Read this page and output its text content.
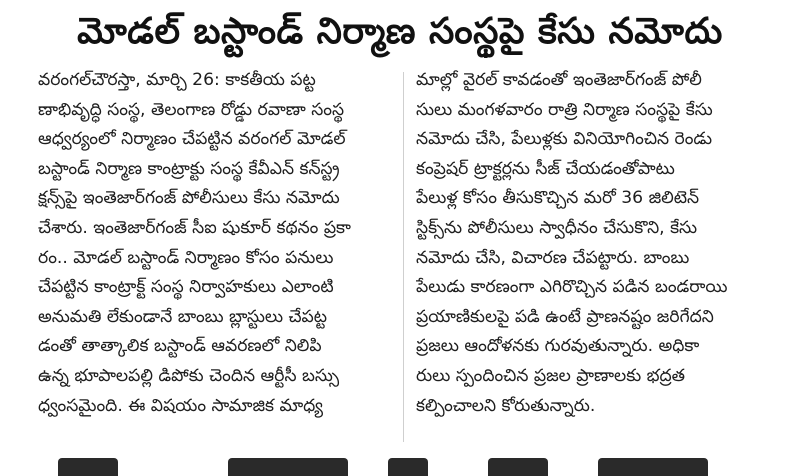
మోడల్ బస్టాండ్ నిర్మాణ సంస్థపై కేసు నమోదు
వరంగల్‌చౌరస్తా, మార్చి 26: కాకతీయ పట్ట
ణాభివృద్ధి సంస్థ, తెలంగాణ రోడ్డు రవాణా సంస్థ
ఆధ్వర్యంలో నిర్మాణం చేపట్టిన వరంగల్ మోడల్
బస్టాండ్ నిర్మాణ కాంట్రాక్టు సంస్థ కేవీఎన్ కన్‌స్ట్ర
క్షన్స్‌పై ఇంతెజార్‌గంజ్ పోలీసులు కేసు నమోదు
చేశారు. ఇంతెజార్‌గంజ్ సీఐ షుకూర్ కథనం ప్రకా
రం.. మోడల్ బస్టాండ్ నిర్మాణం కోసం పనులు
చేపట్టిన కాంట్రాక్ట్ సంస్థ నిర్వాహకులు ఎలాంటి
అనుమతి లేకుండానే బాంబు బ్లాస్టులు చేపట్ట
డంతో తాత్కాలిక బస్టాండ్ ఆవరణలో నిలిపి
ఉన్న భూపాలపల్లి డిపోకు చెందిన ఆర్టీసీ బస్సు
ధ్వంసమైంది. ఈ విషయం సామాజిక మాధ్య
మాల్లో వైరల్ కావడంతో ఇంతెజార్‌గంజ్ పోలీ
సులు మంగళవారం రాత్రి నిర్మాణ సంస్థపై కేసు
నమోదు చేసి, పేలుళ్లకు వినియోగించిన రెండు
కంప్రెషర్ ట్రాక్టర్లను సీజ్ చేయడంతోపాటు
పేలుళ్ల కోసం తీసుకొచ్చిన మరో 36 జిలిటెన్
స్టిక్స్‌ను పోలీసులు స్వాధీనం చేసుకొని, కేసు
నమోదు చేసి, విచారణ చేపట్టారు. బాంబు
పేలుడు కారణంగా ఎగిరొచ్చిన పడిన బండరాయి
ప్రయాణికులపై పడి ఉంటే ప్రాణనష్టం జరిగేదని
ప్రజలు ఆందోళనకు గురవుతున్నారు. అధికా
రులు స్పందించిన ప్రజల ప్రాణాలకు భద్రత
కల్పించాలని కోరుతున్నారు.
